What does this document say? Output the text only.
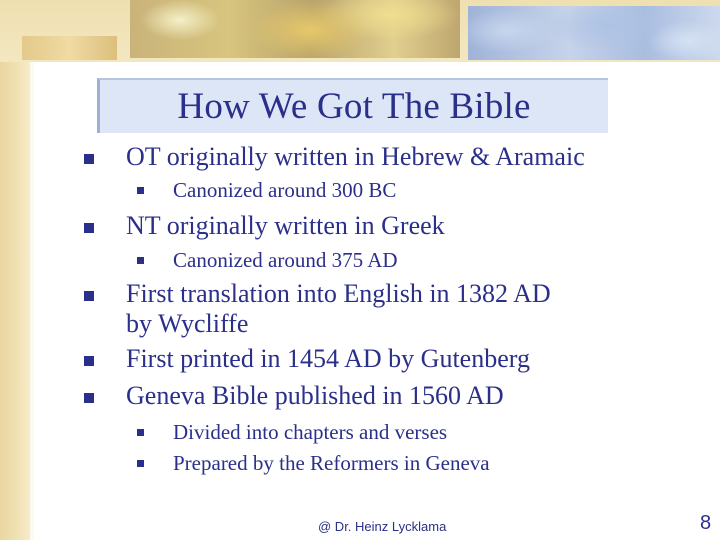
How We Got The Bible
OT originally written in Hebrew & Aramaic
Canonized around 300 BC
NT originally written in Greek
Canonized around 375 AD
First translation into English in 1382 AD
by Wycliffe
First printed in 1454 AD by Gutenberg
Geneva Bible published in 1560 AD
Divided into chapters and verses
Prepared by the Reformers in Geneva
@ Dr. Heinz Lycklama	8
